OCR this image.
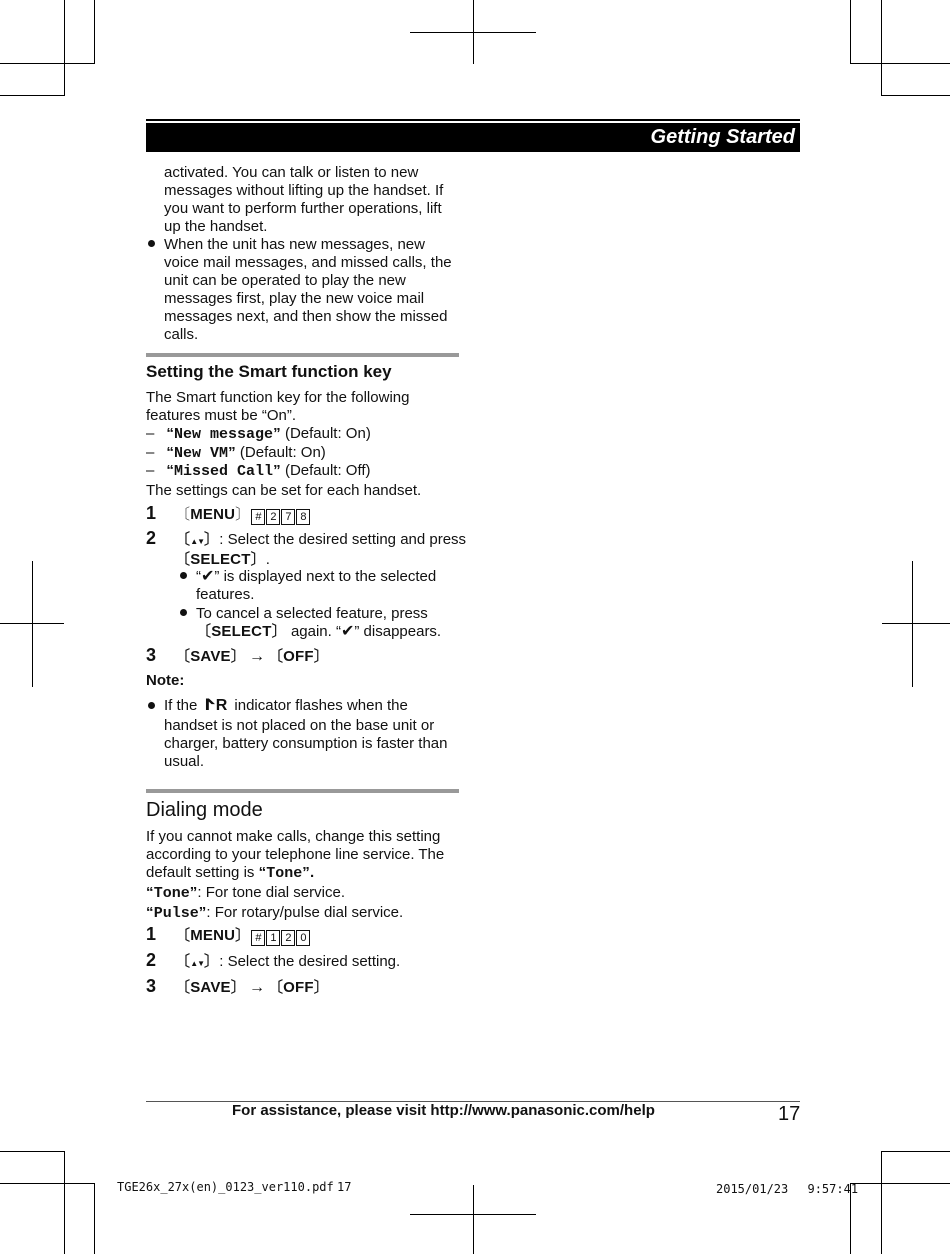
Getting Started
activated. You can talk or listen to new
messages without lifting up the handset. If
you want to perform further operations, lift
up the handset.
When the unit has new messages, new
voice mail messages, and missed calls, the
unit can be operated to play the new
messages first, play the new voice mail
messages next, and then show the missed
calls.
Setting the Smart function key
The Smart function key for the following
features must be “On”.
– “New message” (Default: On)
– “New VM” (Default: On)
– “Missed Call” (Default: Off)
The settings can be set for each handset.
1 〔MENU〕 # 2 7 8
2 〔▲▼〕: Select the desired setting and press
〔SELECT〕.
“✔” is displayed next to the selected
features.
To cancel a selected feature, press
〔SELECT〕 again. “✔” disappears.
3 〔SAVE〕 → 〔OFF〕
Note:
If the ⵤR indicator flashes when the
handset is not placed on the base unit or
charger, battery consumption is faster than
usual.
Dialing mode
If you cannot make calls, change this setting
according to your telephone line service. The
default setting is “Tone”.
“Tone”: For tone dial service.
“Pulse”: For rotary/pulse dial service.
1 〔MENU〕 # 1 2 0
2 〔▲▼〕: Select the desired setting.
3 〔SAVE〕 → 〔OFF〕
For assistance, please visit http://www.panasonic.com/help	17
TGE26x_27x(en)_0123_ver110.pdf 17	2015/01/23　 9:57:41
